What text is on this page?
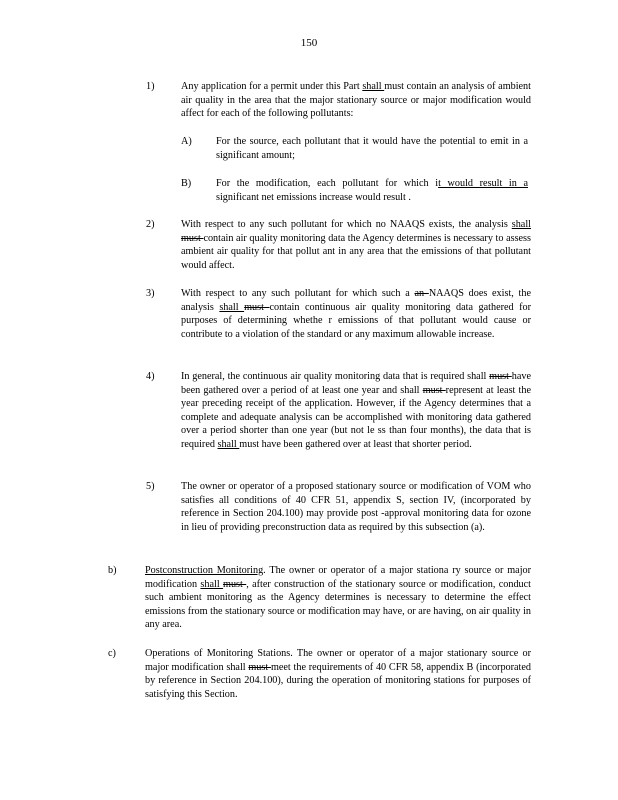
150
1)	Any application for a permit under this Part shall must contain an analysis of ambient air quality in the area that the major stationary source or major modification would affect for each of the following pollutants:
A) For the source, each pollutant that it would have the potential to emit in a significant amount;
B) For the modification, each pollutant for which it would result in a significant net emissions increase would result .
2)	With respect to any such pollutant for which no NAAQS exists, the analysis shall must contain air quality monitoring data the Agency determines is necessary to assess ambient air quality for that pollut ant in any area that the emissions of that pollutant would affect.
3)	With respect to any such pollutant for which such a an NAAQS does exist, the analysis shall must contain continuous air quality monitoring data gathered for purposes of determining whethe r emissions of that pollutant would cause or contribute to a violation of the standard or any maximum allowable increase.
4)	In general, the continuous air quality monitoring data that is required shall must have been gathered over a period of at least one year and shall must represent at least the year preceding receipt of the application. However, if the Agency determines that a complete and adequate analysis can be accomplished with monitoring data gathered over a period shorter than one year (but not le ss than four months), the data that is required shall must have been gathered over at least that shorter period.
5)	The owner or operator of a proposed stationary source or modification of VOM who satisfies all conditions of 40 CFR 51, appendix S, section IV, (incorporated by reference in Section 204.100) may provide post -approval monitoring data for ozone in lieu of providing preconstruction data as required by this subsection (a).
b)	Postconstruction Monitoring. The owner or operator of a major stationa ry source or major modification shall must , after construction of the stationary source or modification, conduct such ambient monitoring as the Agency determines is necessary to determine the effect emissions from the stationary source or modification may have, or are having, on air quality in any area.
c)	Operations of Monitoring Stations. The owner or operator of a major stationary source or major modification shall must meet the requirements of 40 CFR 58, appendix B (incorporated by reference in Section 204.100), during the operation of monitoring stations for purposes of satisfying this Section.
